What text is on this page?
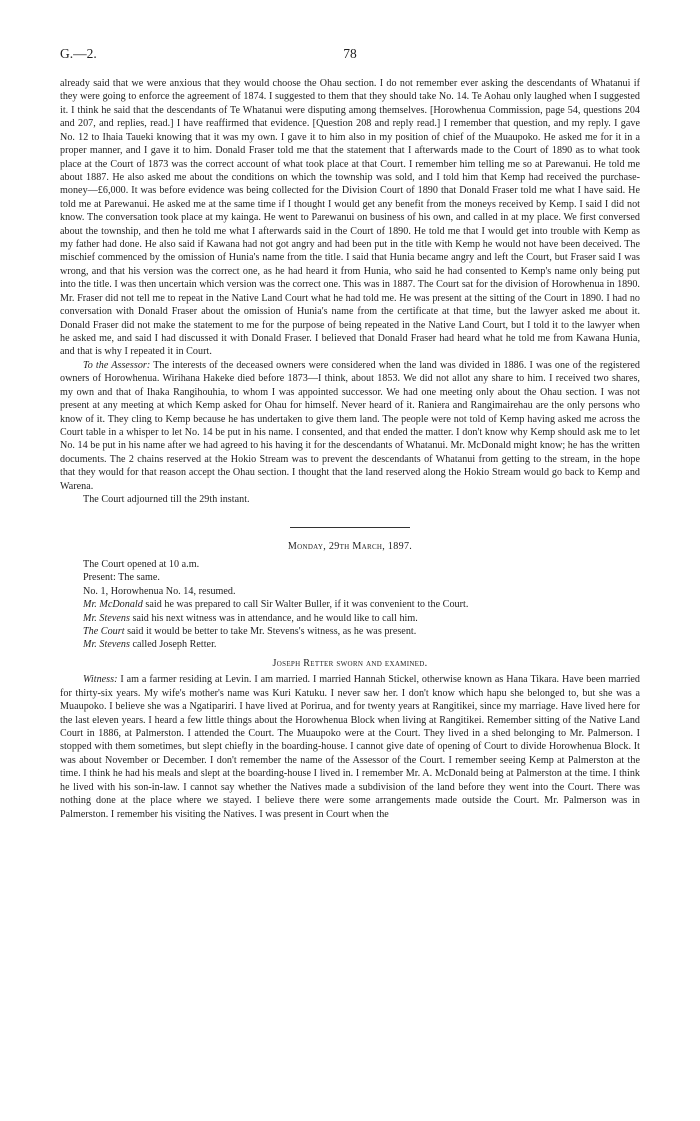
G.—2.	78

already said that we were anxious that they would choose the Ohau section. I do not remember ever asking the descendants of Whatanui if they were going to enforce the agreement of 1874. I suggested to them that they should take No. 14. Te Aohau only laughed when I suggested it. I think he said that the descendants of Te Whatanui were disputing among themselves. [Horowhenua Commission, page 54, questions 204 and 207, and replies, read.] I have reaffirmed that evidence. [Question 208 and reply read.] I remember that question, and my reply. I gave No. 12 to Ihaia Taueki knowing that it was my own. I gave it to him also in my position of chief of the Muaupoko. He asked me for it in a proper manner, and I gave it to him. Donald Fraser told me that the statement that I afterwards made to the Court of 1890 as to what took place at the Court of 1873 was the correct account of what took place at that Court. I remember him telling me so at Parewanui. He told me about 1887. He also asked me about the conditions on which the township was sold, and I told him that Kemp had received the purchase-money—£6,000. It was before evidence was being collected for the Division Court of 1890 that Donald Fraser told me what I have said. He told me at Parewanui. He asked me at the same time if I thought I would get any benefit from the moneys received by Kemp. I said I did not know. The conversation took place at my kainga. He went to Parewanui on business of his own, and called in at my place. We first conversed about the township, and then he told me what I afterwards said in the Court of 1890. He told me that I would get into trouble with Kemp as my father had done. He also said if Kawana had not got angry and had been put in the title with Kemp he would not have been deceived. The mischief commenced by the omission of Hunia's name from the title. I said that Hunia became angry and left the Court, but Fraser said I was wrong, and that his version was the correct one, as he had heard it from Hunia, who said he had consented to Kemp's name only being put into the title. I was then uncertain which version was the correct one. This was in 1887. The Court sat for the division of Horowhenua in 1890. Mr. Fraser did not tell me to repeat in the Native Land Court what he had told me. He was present at the sitting of the Court in 1890. I had no conversation with Donald Fraser about the omission of Hunia's name from the certificate at that time, but the lawyer asked me about it. Donald Fraser did not make the statement to me for the purpose of being repeated in the Native Land Court, but I told it to the lawyer when he asked me, and said I had discussed it with Donald Fraser. I believed that Donald Fraser had heard what he told me from Kawana Hunia, and that is why I repeated it in Court.

To the Assessor: The interests of the deceased owners were considered when the land was divided in 1886. I was one of the registered owners of Horowhenua. Wirihana Hakeke died before 1873—I think, about 1853. We did not allot any share to him. I received two shares, my own and that of Ihaka Rangihouhia, to whom I was appointed successor. We had one meeting only about the Ohau section. I was not present at any meeting at which Kemp asked for Ohau for himself. Never heard of it. Raniera and Rangimairehau are the only persons who know of it. They cling to Kemp because he has undertaken to give them land. The people were not told of Kemp having asked me across the Court table in a whisper to let No. 14 be put in his name. I consented, and that ended the matter. I don't know why Kemp should ask me to let No. 14 be put in his name after we had agreed to his having it for the descendants of Whatanui. Mr. McDonald might know; he has the written documents. The 2 chains reserved at the Hokio Stream was to prevent the descendants of Whatanui from getting to the stream, in the hope that they would for that reason accept the Ohau section. I thought that the land reserved along the Hokio Stream would go back to Kemp and Warena.

The Court adjourned till the 29th instant.

Monday, 29th March, 1897.

The Court opened at 10 a.m.

Present: The same.

No. 1, Horowhenua No. 14, resumed.

Mr. McDonald said he was prepared to call Sir Walter Buller, if it was convenient to the Court.

Mr. Stevens said his next witness was in attendance, and he would like to call him.

The Court said it would be better to take Mr. Stevens's witness, as he was present.

Mr. Stevens called Joseph Retter.

Joseph Retter sworn and examined.

Witness: I am a farmer residing at Levin. I am married. I married Hannah Stickel, otherwise known as Hana Tikara. Have been married for thirty-six years. My wife's mother's name was Kuri Katuku. I never saw her. I don't know which hapu she belonged to, but she was a Muaupoko. I believe she was a Ngatipariri. I have lived at Porirua, and for twenty years at Rangitikei, since my marriage. Have lived here for the last eleven years. I heard a few little things about the Horowhenua Block when living at Rangitikei. Remember sitting of the Native Land Court in 1886, at Palmerston. I attended the Court. The Muaupoko were at the Court. They lived in a shed belonging to Mr. Palmerson. I stopped with them sometimes, but slept chiefly in the boarding-house. I cannot give date of opening of Court to divide Horowhenua Block. It was about November or December. I don't remember the name of the Assessor of the Court. I remember seeing Kemp at Palmerston at the time. I think he had his meals and slept at the boarding-house I lived in. I remember Mr. A. McDonald being at Palmerston at the time. I think he lived with his son-in-law. I cannot say whether the Natives made a subdivision of the land before they went into the Court. There was nothing done at the place where we stayed. I believe there were some arrangements made outside the Court. Mr. Palmerson was in Palmerston. I remember his visiting the Natives. I was present in Court when the
